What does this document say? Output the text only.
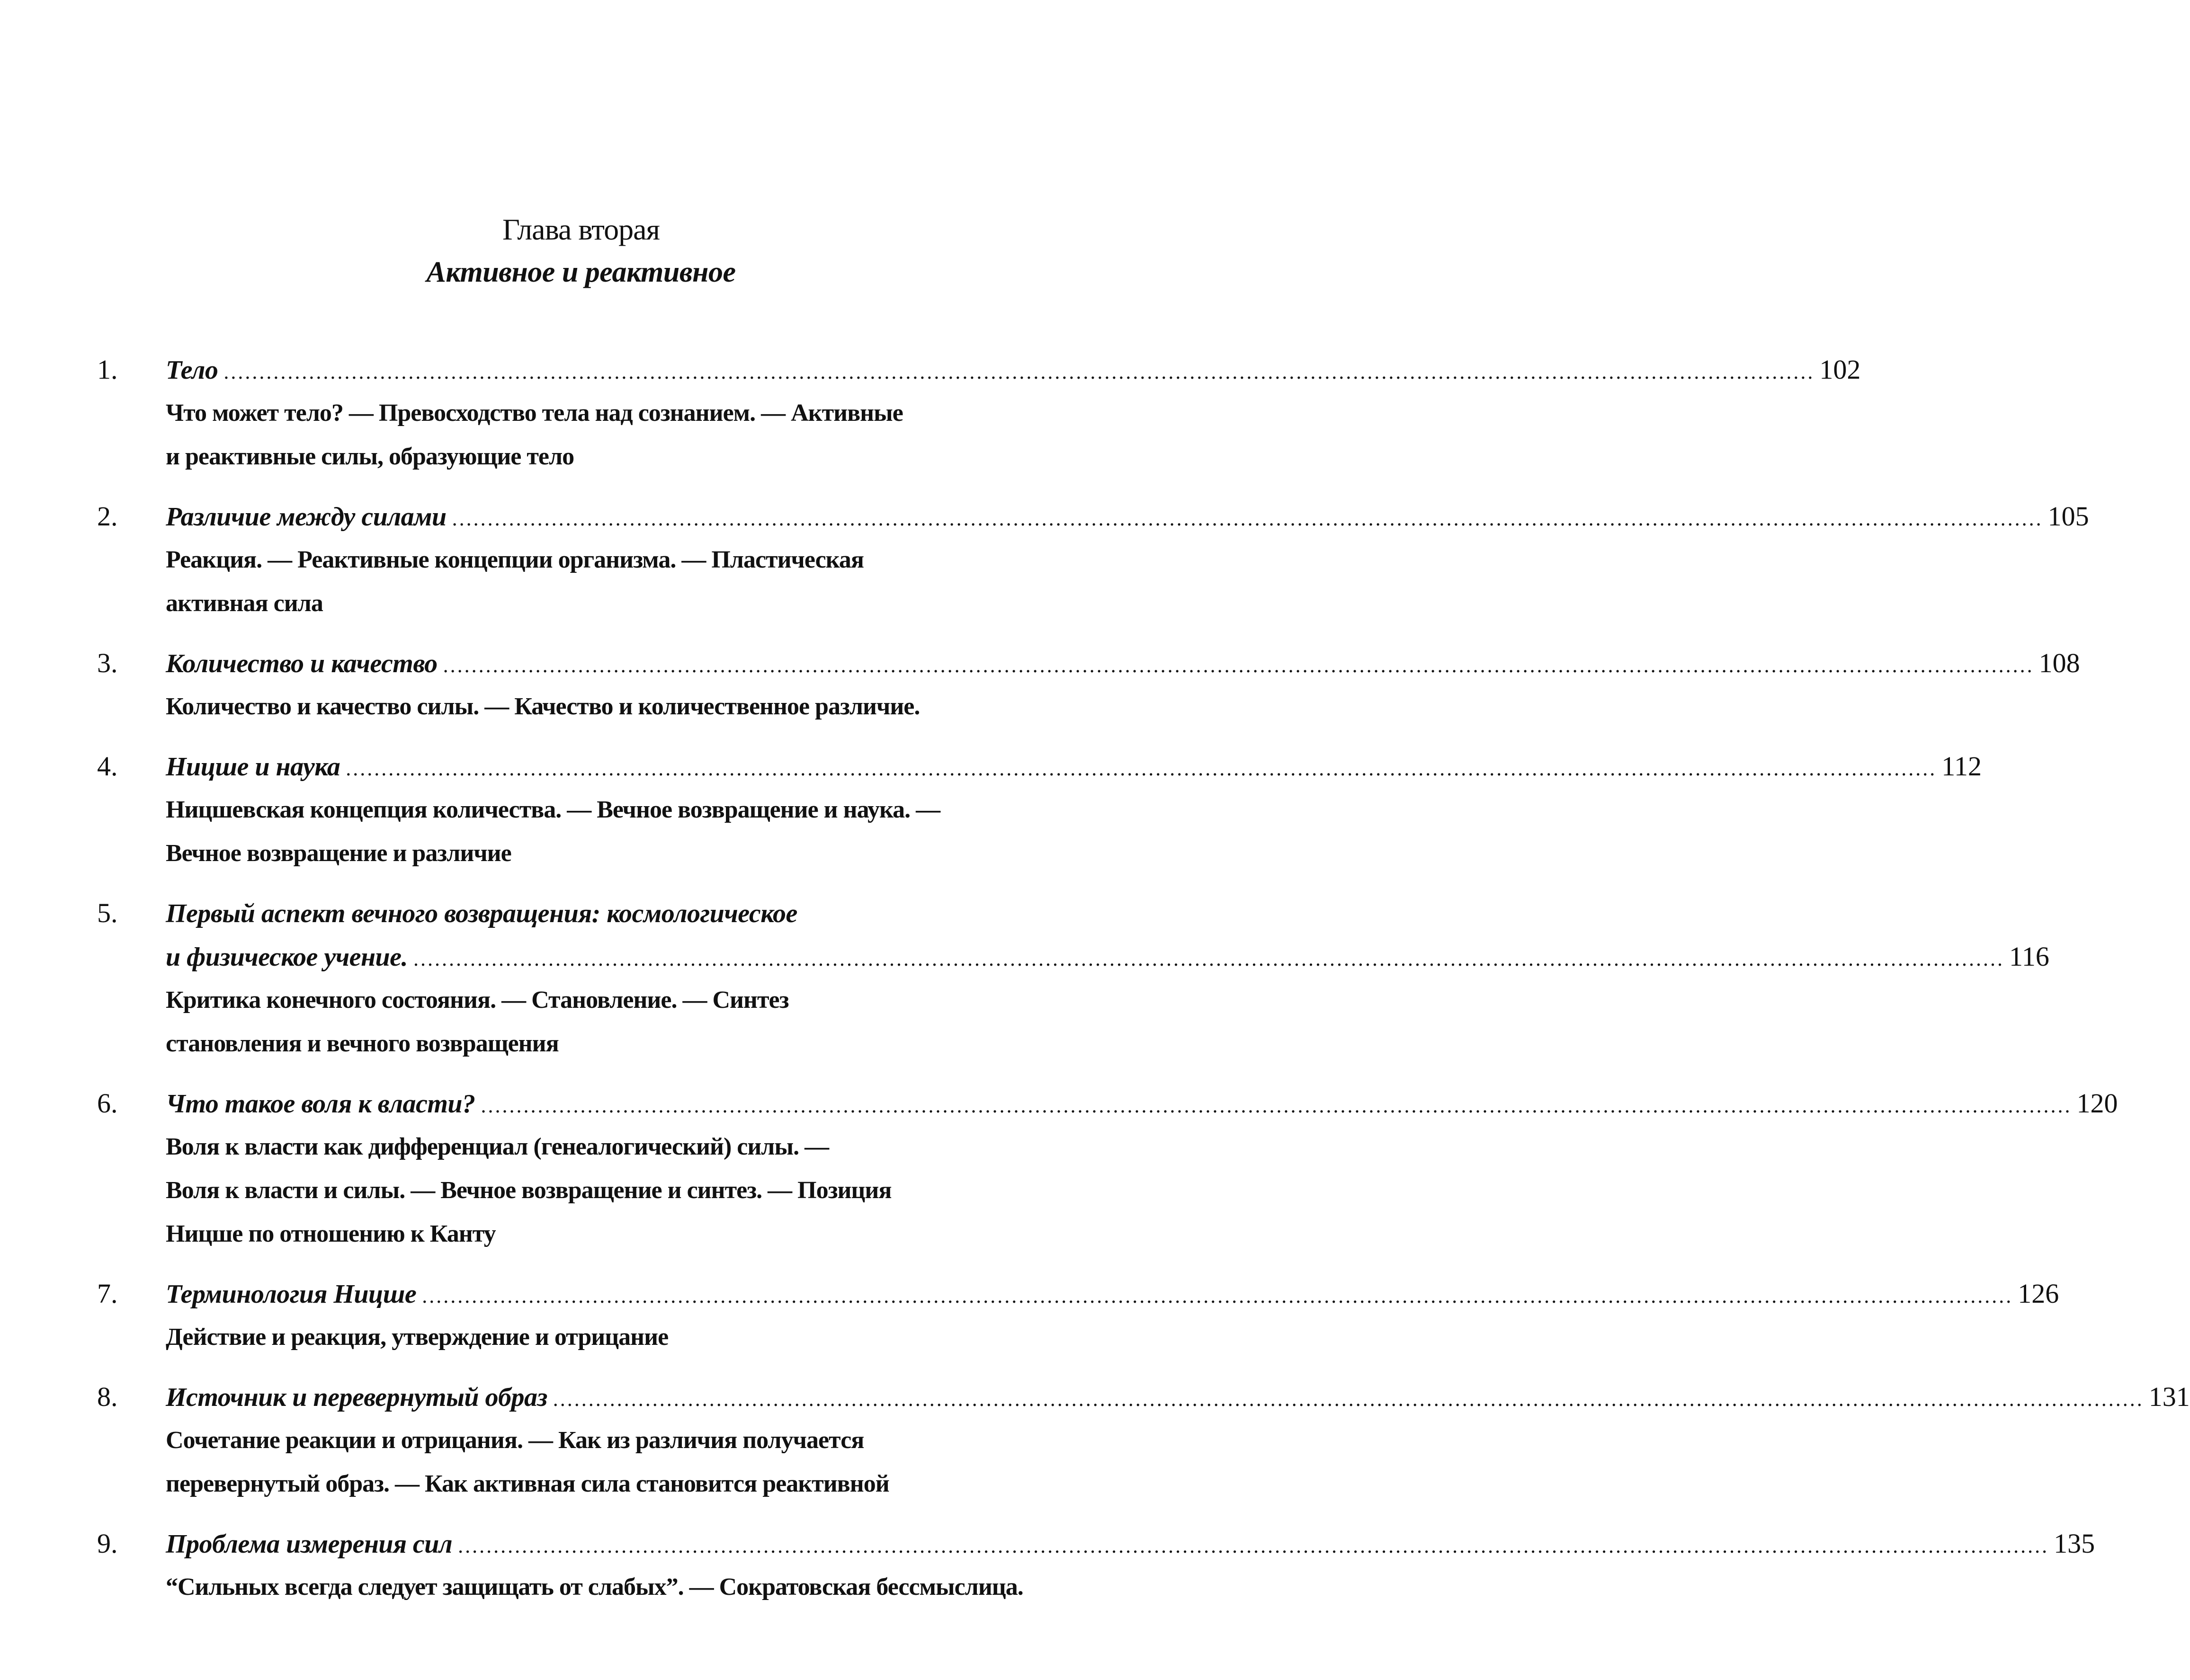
Глава вторая
Активное и реактивное
1.	Тело ................................................................................................................................................................................................................................ 102
Что может тело? — Превосходство тела над сознанием. — Активные
и реактивные силы, образующие тело
2.	Различие между силами ................................................................................................................................................................................................................................ 105
Реакция. — Реактивные концепции организма. — Пластическая
активная сила
3.	Количество и качество ................................................................................................................................................................................................................................ 108
Количество и качество силы. — Качество и количественное различие.
4.	Ницше и наука ................................................................................................................................................................................................................................ 112
Ницшевская концепция количества. — Вечное возвращение и наука. —
Вечное возвращение и различие
5.	Первый аспект вечного возвращения: космологическое
и физическое учение. ................................................................................................................................................................................................................................ 116
Критика конечного состояния. — Становление. — Синтез
становления и вечного возвращения
6.	Что такое воля к власти? ................................................................................................................................................................................................................................ 120
Воля к власти как дифференциал (генеалогический) силы. —
Воля к власти и силы. — Вечное возвращение и синтез. — Позиция
Ницше по отношению к Канту
7.	Терминология Ницше ................................................................................................................................................................................................................................ 126
Действие и реакция, утверждение и отрицание
8.	Источник и перевернутый образ ................................................................................................................................................................................................................................ 131
Сочетание реакции и отрицания. — Как из различия получается
перевернутый образ. — Как активная сила становится реактивной
9.	Проблема измерения сил ................................................................................................................................................................................................................................ 135
“Сильных всегда следует защищать от слабых”. — Сократовская бессмыслица.
